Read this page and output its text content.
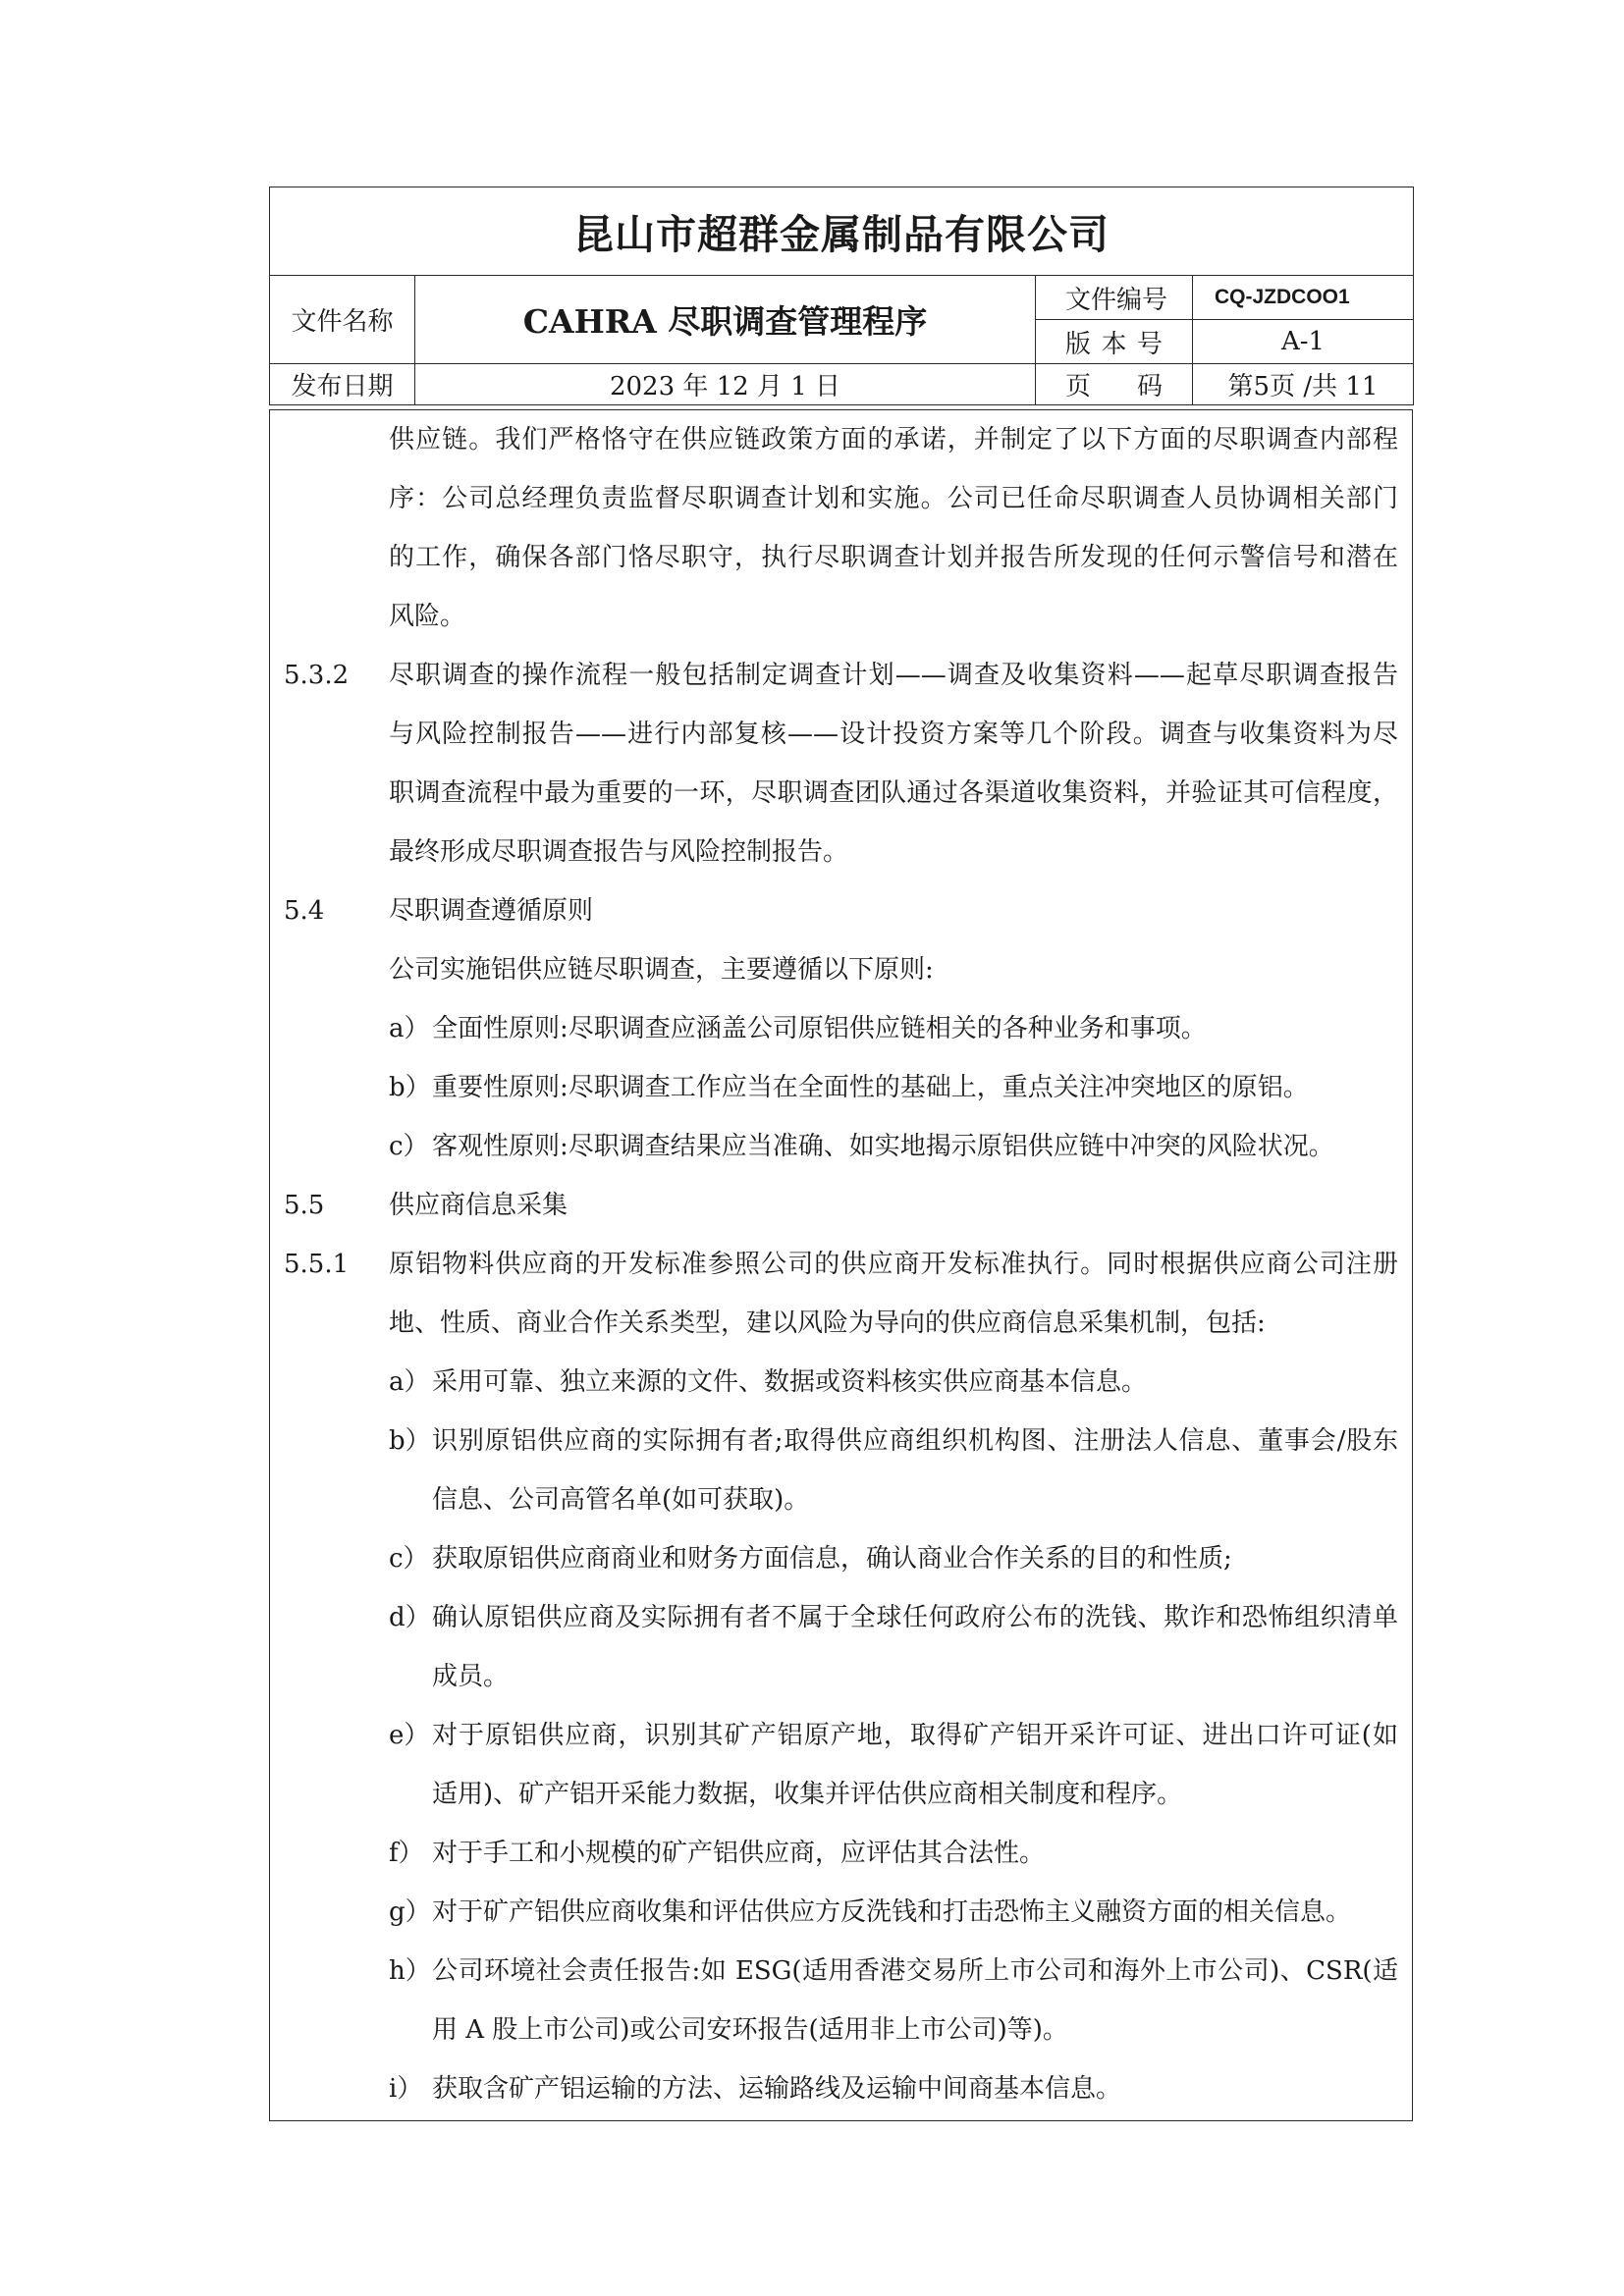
昆山市超群金属制品有限公司			
文件名称	CAHRA 尽职调查管理程序	文件编号	CQ-JZDCOO1
		版 本 号	A-1
发布日期	2023 年 12 月 1 日	页 码	第5页 /共 11
供应链。我们严格恪守在供应链政策方面的承诺，并制定了以下方面的尽职调查内部程
序：公司总经理负责监督尽职调查计划和实施。公司已任命尽职调查人员协调相关部门
的工作，确保各部门恪尽职守，执行尽职调查计划并报告所发现的任何示警信号和潜在
风险。
5.3.2 尽职调查的操作流程一般包括制定调查计划——调查及收集资料——起草尽职调查报告
与风险控制报告——进行内部复核——设计投资方案等几个阶段。调查与收集资料为尽
职调查流程中最为重要的一环，尽职调查团队通过各渠道收集资料，并验证其可信程度，
最终形成尽职调查报告与风险控制报告。
5.4	尽职调查遵循原则
公司实施铝供应链尽职调查，主要遵循以下原则:
a） 全面性原则:尽职调查应涵盖公司原铝供应链相关的各种业务和事项。
b） 重要性原则:尽职调查工作应当在全面性的基础上，重点关注冲突地区的原铝。
c） 客观性原则:尽职调查结果应当准确、如实地揭示原铝供应链中冲突的风险状况。
5.5	供应商信息采集
5.5.1 原铝物料供应商的开发标准参照公司的供应商开发标准执行。同时根据供应商公司注册
地、性质、商业合作关系类型，建以风险为导向的供应商信息采集机制，包括:
a） 采用可靠、独立来源的文件、数据或资料核实供应商基本信息。
b） 识别原铝供应商的实际拥有者;取得供应商组织机构图、注册法人信息、董事会/股东
信息、公司高管名单(如可获取)。
c） 获取原铝供应商商业和财务方面信息，确认商业合作关系的目的和性质;
d） 确认原铝供应商及实际拥有者不属于全球任何政府公布的洗钱、欺诈和恐怖组织清单
成员。
e） 对于原铝供应商，识别其矿产铝原产地，取得矿产铝开采许可证、进出口许可证(如
适用)、矿产铝开采能力数据，收集并评估供应商相关制度和程序。
f） 对于手工和小规模的矿产铝供应商，应评估其合法性。
g） 对于矿产铝供应商收集和评估供应方反洗钱和打击恐怖主义融资方面的相关信息。
h） 公司环境社会责任报告:如 ESG(适用香港交易所上市公司和海外上市公司)、CSR(适
用 A 股上市公司)或公司安环报告(适用非上市公司)等)。
i） 获取含矿产铝运输的方法、运输路线及运输中间商基本信息。
